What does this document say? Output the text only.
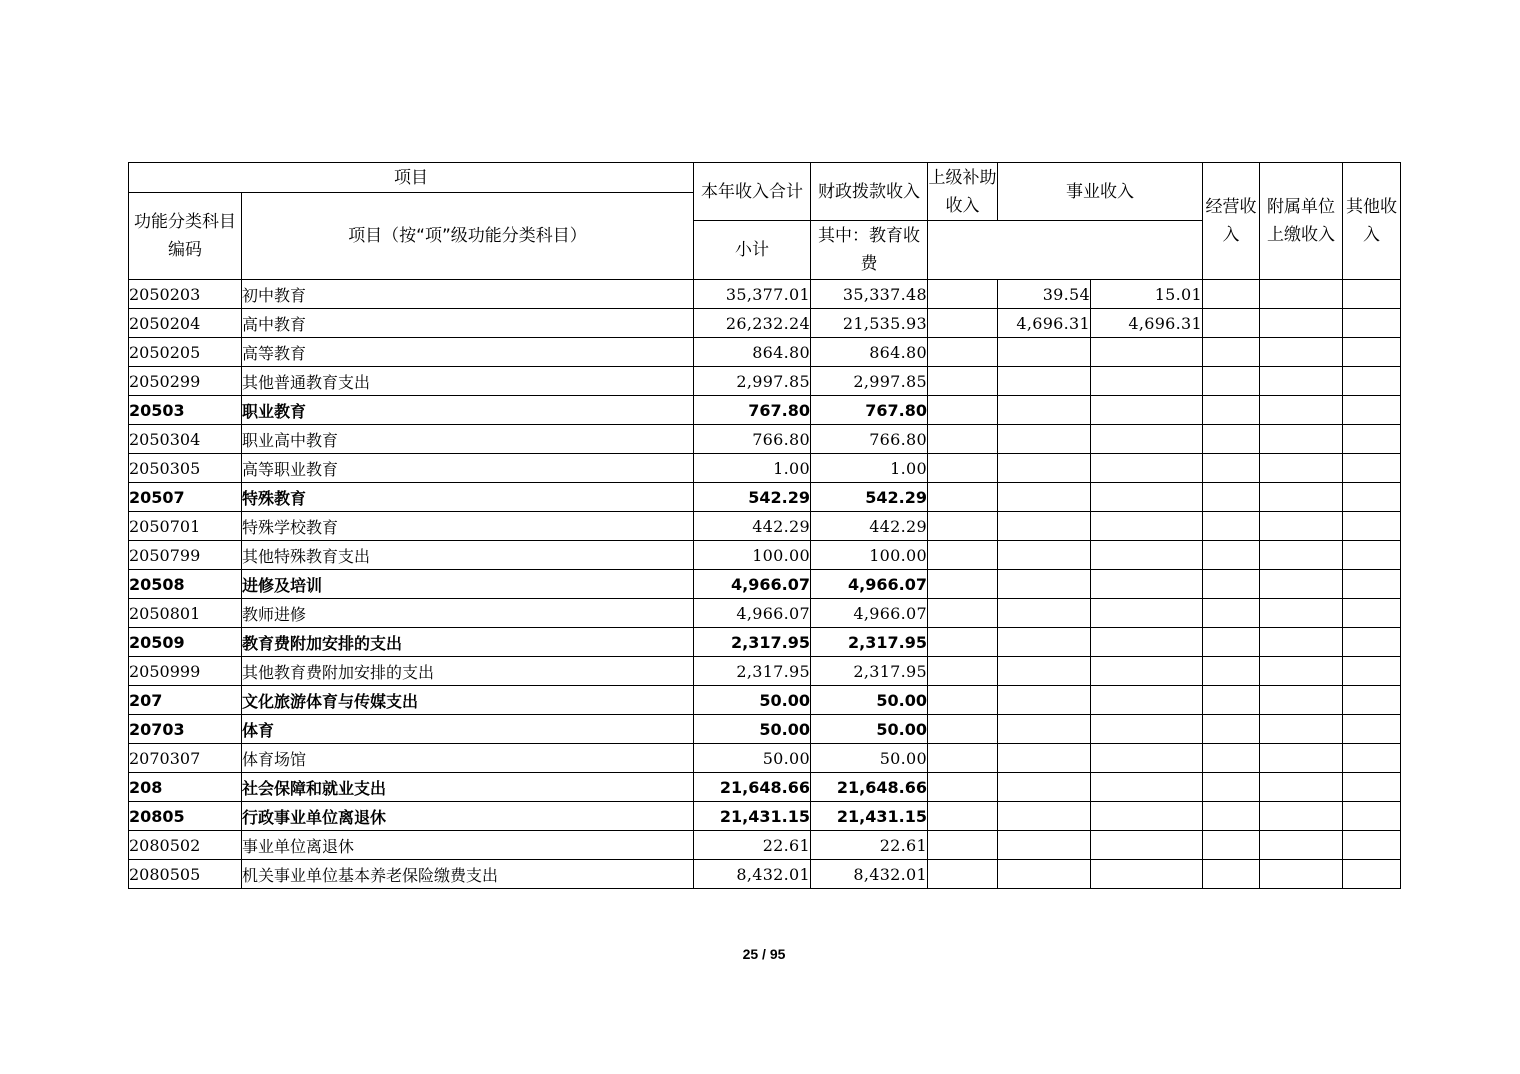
项目		本年收入合计	财政拨款收入	上级补助收入	事业收入		经营收入	附属单位上缴收入	其他收入
功能分类科目编码	项目（按“项”级功能分类科目）								
		小计	其中：教育收费						
2050203	初中教育	35,377.01	35,337.48		39.54	15.01			
2050204	高中教育	26,232.24	21,535.93		4,696.31	4,696.31			
2050205	高等教育	864.80	864.80						
2050299	其他普通教育支出	2,997.85	2,997.85						
20503	职业教育	767.80	767.80						
2050304	职业高中教育	766.80	766.80						
2050305	高等职业教育	1.00	1.00						
20507	特殊教育	542.29	542.29						
2050701	特殊学校教育	442.29	442.29						
2050799	其他特殊教育支出	100.00	100.00						
20508	进修及培训	4,966.07	4,966.07						
2050801	教师进修	4,966.07	4,966.07						
20509	教育费附加安排的支出	2,317.95	2,317.95						
2050999	其他教育费附加安排的支出	2,317.95	2,317.95						
207	文化旅游体育与传媒支出	50.00	50.00						
20703	体育	50.00	50.00						
2070307	体育场馆	50.00	50.00						
208	社会保障和就业支出	21,648.66	21,648.66						
20805	行政事业单位离退休	21,431.15	21,431.15						
2080502	事业单位离退休	22.61	22.61						
2080505	机关事业单位基本养老保险缴费支出	8,432.01	8,432.01						
25 / 95
